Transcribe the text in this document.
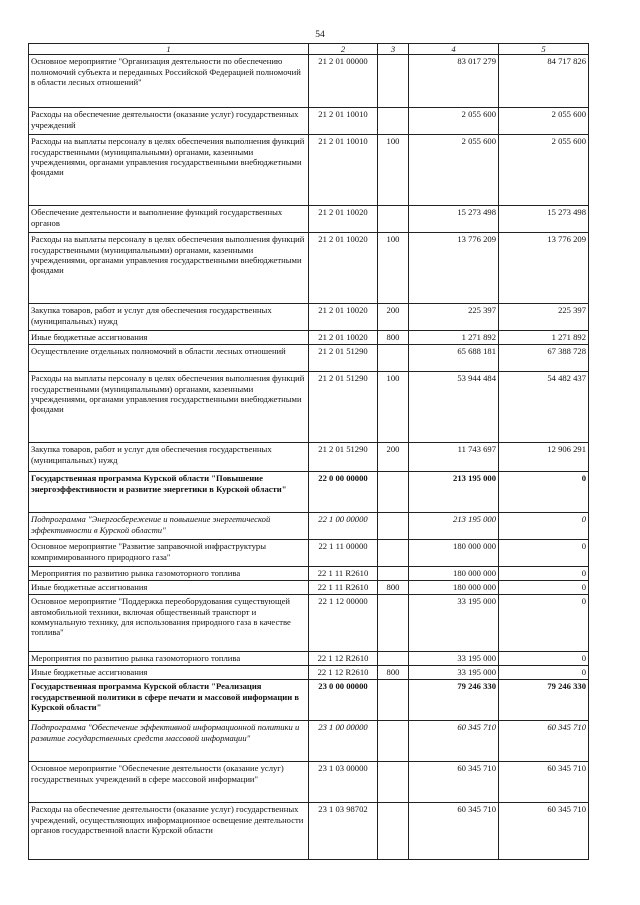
54
1	2	3	4	5
Основное мероприятие "Организация деятельности по обеспечению полномочий субъекта и переданных Российской Федерацией полномочий в области лесных отношений"	21 2 01 00000		83 017 279	84 717 826
Расходы на обеспечение деятельности (оказание услуг) государственных учреждений	21 2 01 10010		2 055 600	2 055 600
Расходы на выплаты персоналу в целях обеспечения выполнения функций государственными (муниципальными) органами, казенными учреждениями, органами управления государственными внебюджетными фондами	21 2 01 10010	100	2 055 600	2 055 600
Обеспечение деятельности и выполнение функций государственных органов	21 2 01 10020		15 273 498	15 273 498
Расходы на выплаты персоналу в целях обеспечения выполнения функций государственными (муниципальными) органами, казенными учреждениями, органами управления государственными внебюджетными фондами	21 2 01 10020	100	13 776 209	13 776 209
Закупка товаров, работ и услуг для обеспечения государственных (муниципальных) нужд	21 2 01 10020	200	225 397	225 397
Иные бюджетные ассигнования	21 2 01 10020	800	1 271 892	1 271 892
Осуществление отдельных полномочий в области лесных отношений	21 2 01 51290		65 688 181	67 388 728
Расходы на выплаты персоналу в целях обеспечения выполнения функций государственными (муниципальными) органами, казенными учреждениями, органами управления государственными внебюджетными фондами	21 2 01 51290	100	53 944 484	54 482 437
Закупка товаров, работ и услуг для обеспечения государственных (муниципальных) нужд	21 2 01 51290	200	11 743 697	12 906 291
Государственная программа Курской области "Повышение энергоэффективности и развитие энергетики в Курской области"	22 0 00 00000		213 195 000	0
Подпрограмма "Энергосбережение и повышение энергетической эффективности в Курской области"	22 1 00 00000		213 195 000	0
Основное мероприятие "Развитие заправочной инфраструктуры компримированного природного газа"	22 1 11 00000		180 000 000	0
Мероприятия по развитию рынка газомоторного топлива	22 1 11 R2610		180 000 000	0
Иные бюджетные ассигнования	22 1 11 R2610	800	180 000 000	0
Основное мероприятие "Поддержка переоборудования существующей автомобильной техники, включая общественный транспорт и коммунальную технику, для использования природного газа в качестве топлива"	22 1 12 00000		33 195 000	0
Мероприятия по развитию рынка газомоторного топлива	22 1 12 R2610		33 195 000	0
Иные бюджетные ассигнования	22 1 12 R2610	800	33 195 000	0
Государственная программа Курской области "Реализация государственной политики в сфере печати и массовой информации в Курской области"	23 0 00 00000		79 246 330	79 246 330
Подпрограмма "Обеспечение эффективной информационной политики и развитие государственных средств массовой информации"	23 1 00 00000		60 345 710	60 345 710
Основное мероприятие "Обеспечение деятельности (оказание услуг) государственных учреждений в сфере массовой информации"	23 1 03 00000		60 345 710	60 345 710
Расходы на обеспечение деятельности (оказание услуг) государственных учреждений, осуществляющих информационное освещение деятельности органов государственной власти Курской области	23 1 03 98702		60 345 710	60 345 710
